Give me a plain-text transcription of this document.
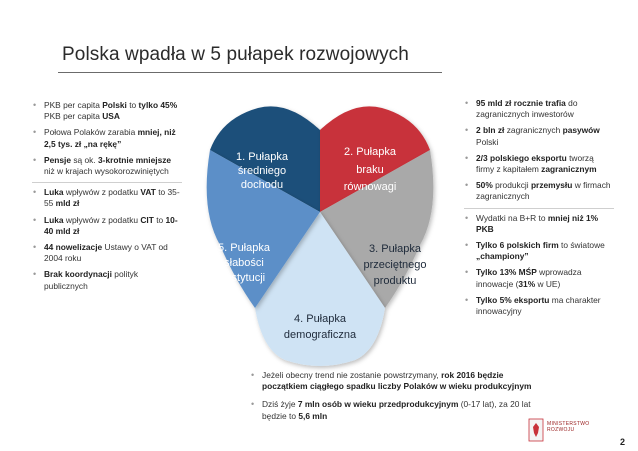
Polska wpadła w 5 pułapek rozwojowych
1. Pułapka
średniego
dochodu
2. Pułapka
braku
równowagi
3. Pułapka
przeciętnego
produktu
4. Pułapka
demograficzna
5. Pułapka
słabości
instytucji
• PKB per capita Polski to tylko 45% PKB per capita USA
• Połowa Polaków zarabia mniej, niż 2,5 tys. zł „na rękę”
• Pensje są ok. 3-krotnie mniejsze niż w krajach wysokorozwiniętych
• Luka wpływów z podatku VAT to 35-55 mld zł
• Luka wpływów z podatku CIT to 10-40 mld zł
• 44 nowelizacje Ustawy o VAT od 2004 roku
• Brak koordynacji polityk publicznych
• 95 mld zł rocznie trafia do zagranicznych inwestorów
• 2 bln zł zagranicznych pasywów Polski
• 2/3 polskiego eksportu tworzą firmy z kapitałem zagranicznym
• 50% produkcji przemysłu w firmach zagranicznych
• Wydatki na B+R to mniej niż 1% PKB
• Tylko 6 polskich firm to światowe „championy”
• Tylko 13% MŚP wprowadza innowacje (31% w UE)
• Tylko 5% eksportu ma charakter innowacyjny
• Jeżeli obecny trend nie zostanie powstrzymany, rok 2016 będzie początkiem ciągłego spadku liczby Polaków w wieku produkcyjnym
• Dziś żyje 7 mln osób w wieku przedprodukcyjnym (0-17 lat), za 20 lat będzie to 5,6 mln
MINISTERSTWO
ROZWOJU
2
